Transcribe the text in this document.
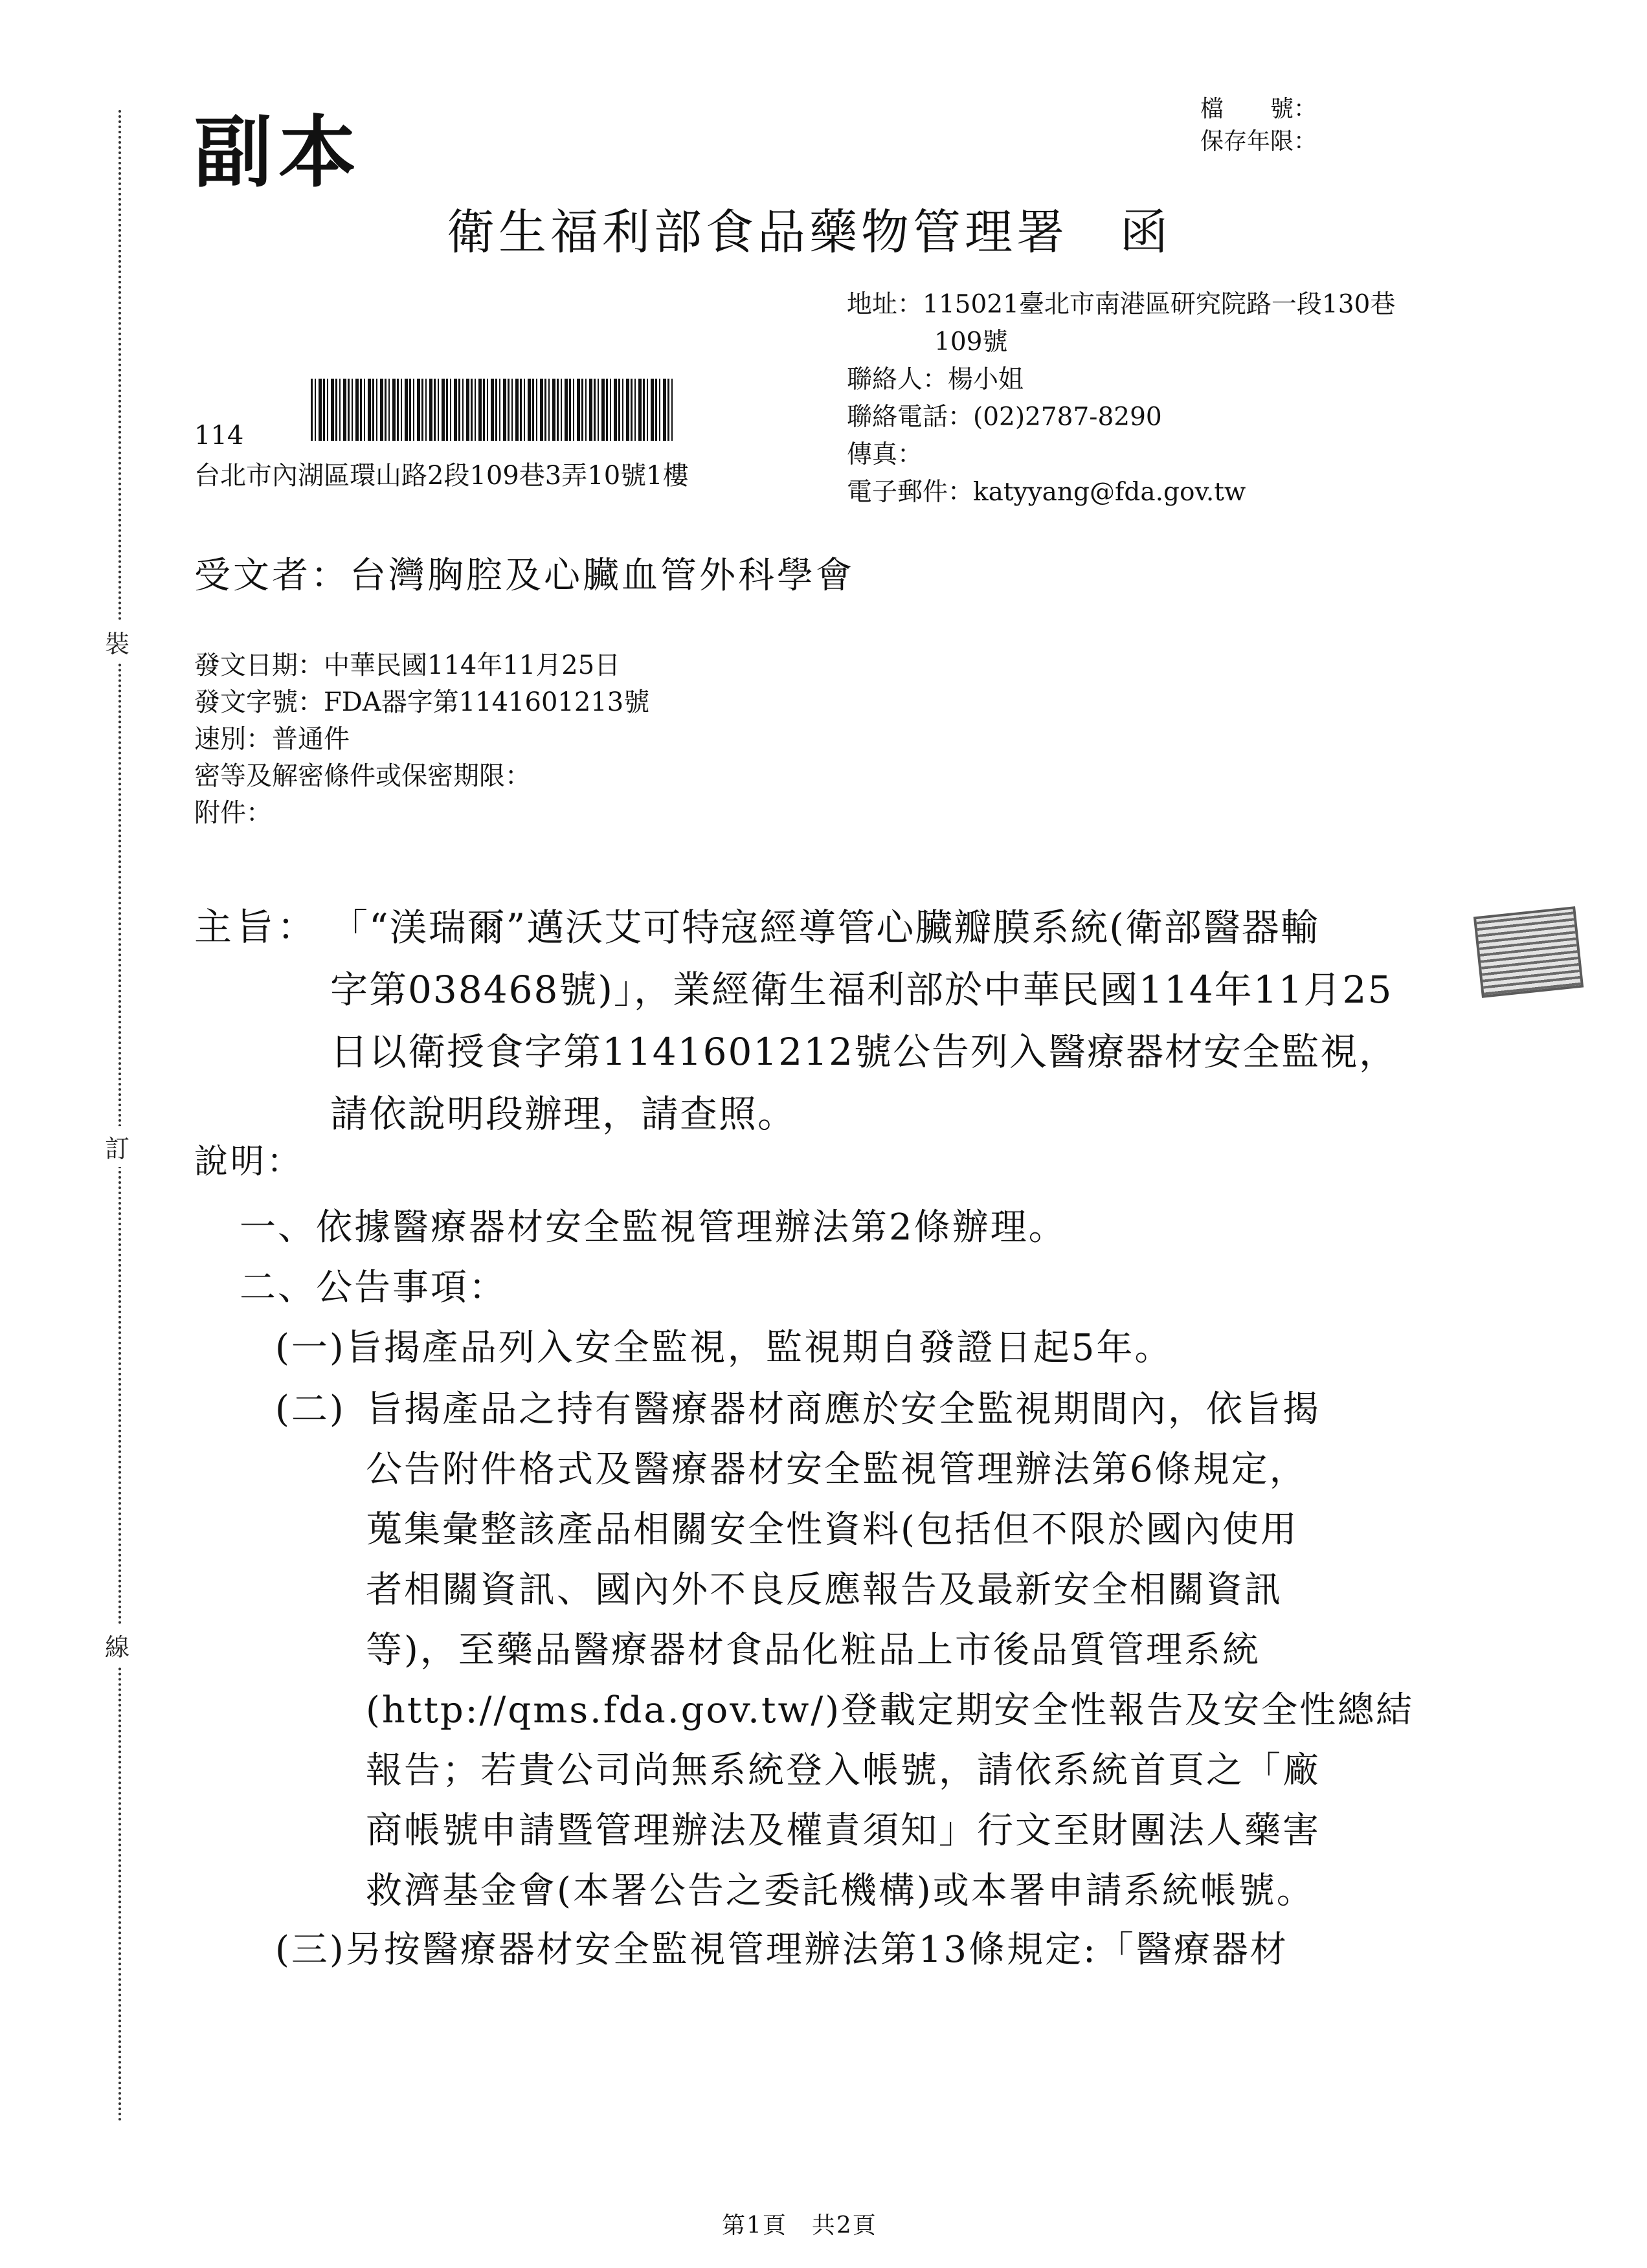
裝
訂
線
副本	檔　　號：
保存年限：
衛生福利部食品藥物管理署　函
地址：115021臺北市南港區研究院路一段130巷
109號
聯絡人：楊小姐
聯絡電話：(02)2787-8290
傳真：
電子郵件：katyyang@fda.gov.tw
114
台北市內湖區環山路2段109巷3弄10號1樓
受文者：台灣胸腔及心臟血管外科學會
發文日期：中華民國114年11月25日
發文字號：FDA器字第1141601213號
速別：普通件
密等及解密條件或保密期限：
附件：
主旨： 「“渼瑞爾”邁沃艾可特寇經導管心臟瓣膜系統(衛部醫器輸
字第038468號)」，業經衛生福利部於中華民國114年11月25
日以衛授食字第1141601212號公告列入醫療器材安全監視，
請依說明段辦理，請查照。
說明：
一、依據醫療器材安全監視管理辦法第2條辦理。
二、公告事項：
(一)旨揭產品列入安全監視，監視期自發證日起5年。
(二) 旨揭產品之持有醫療器材商應於安全監視期間內，依旨揭
公告附件格式及醫療器材安全監視管理辦法第6條規定，
蒐集彙整該產品相關安全性資料(包括但不限於國內使用
者相關資訊、國內外不良反應報告及最新安全相關資訊
等)，至藥品醫療器材食品化粧品上市後品質管理系統
(http://qms.fda.gov.tw/)登載定期安全性報告及安全性總結
報告；若貴公司尚無系統登入帳號，請依系統首頁之「廠
商帳號申請暨管理辦法及權責須知」行文至財團法人藥害
救濟基金會(本署公告之委託機構)或本署申請系統帳號。
(三)另按醫療器材安全監視管理辦法第13條規定:「醫療器材
第1頁　共2頁
